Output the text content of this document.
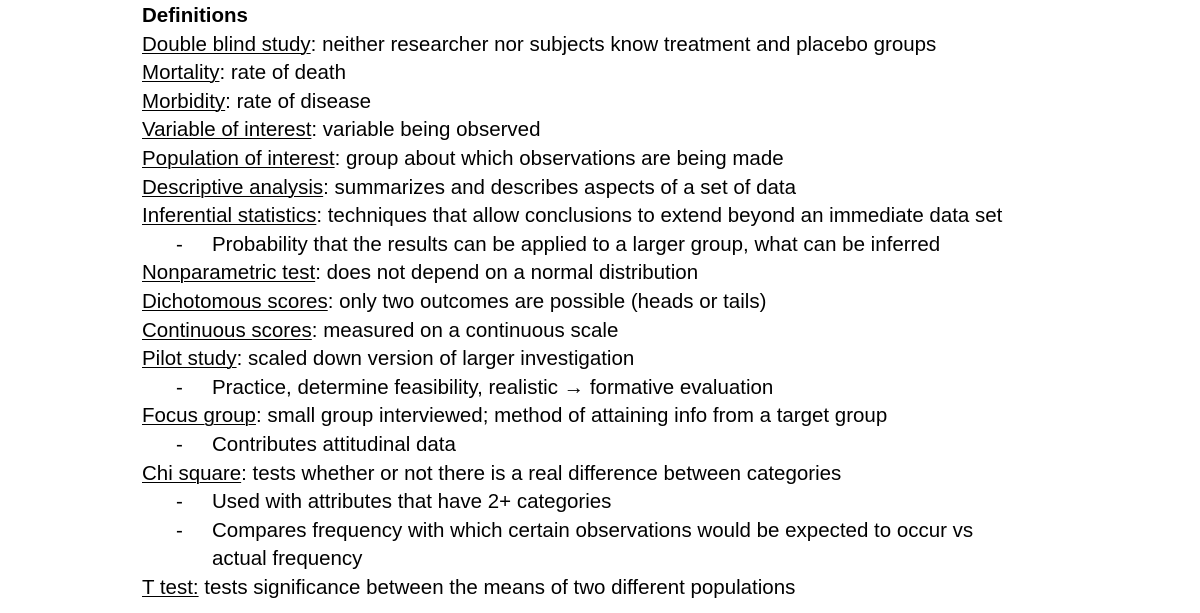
Definitions
Double blind study: neither researcher nor subjects know treatment and placebo groups
Mortality: rate of death
Morbidity: rate of disease
Variable of interest: variable being observed
Population of interest: group about which observations are being made
Descriptive analysis: summarizes and describes aspects of a set of data
Inferential statistics: techniques that allow conclusions to extend beyond an immediate data set
-	Probability that the results can be applied to a larger group, what can be inferred
Nonparametric test: does not depend on a normal distribution
Dichotomous scores: only two outcomes are possible (heads or tails)
Continuous scores: measured on a continuous scale
Pilot study: scaled down version of larger investigation
-	Practice, determine feasibility, realistic → formative evaluation
Focus group: small group interviewed; method of attaining info from a target group
-	Contributes attitudinal data
Chi square: tests whether or not there is a real difference between categories
-	Used with attributes that have 2+ categories
-	Compares frequency with which certain observations would be expected to occur vs actual frequency
T test: tests significance between the means of two different populations
